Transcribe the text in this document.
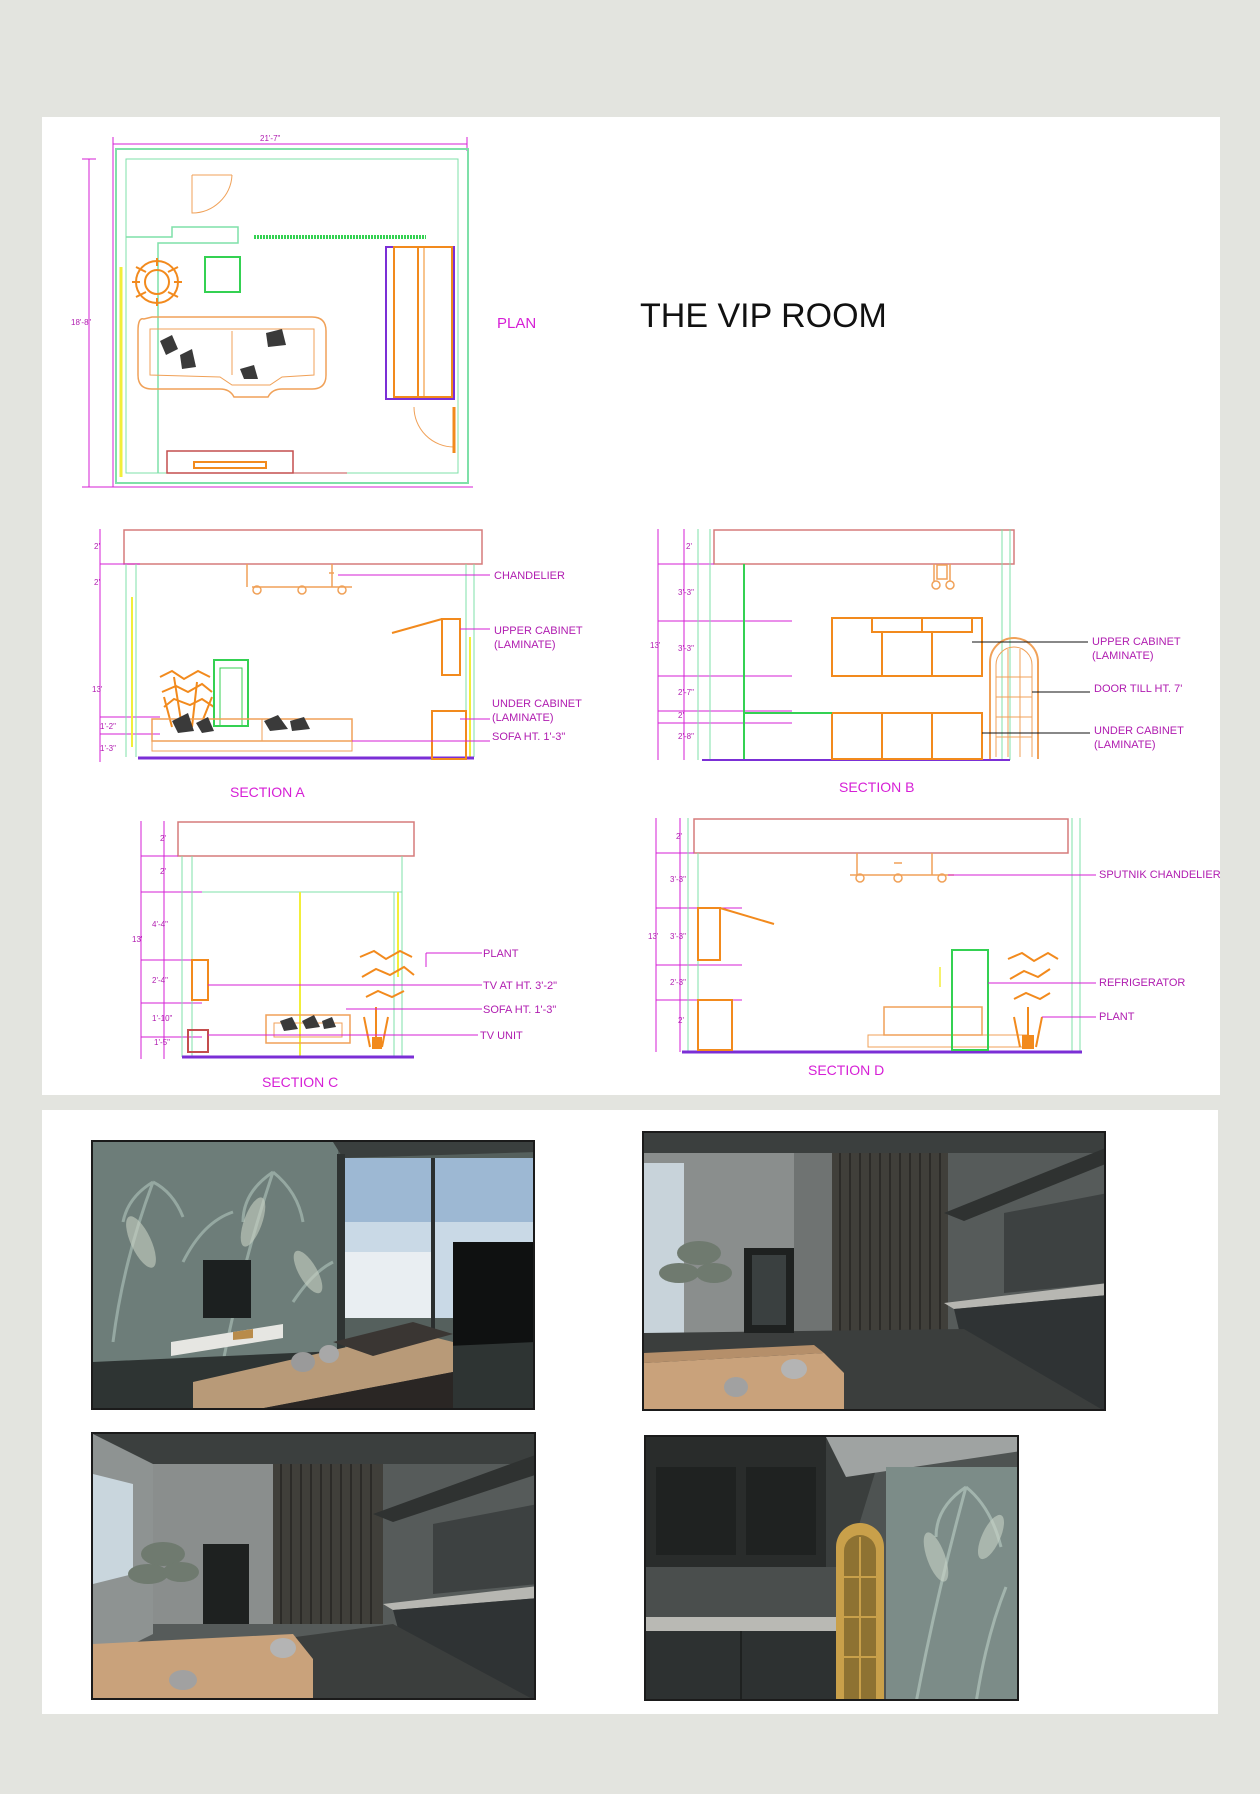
THE VIP ROOM
21'-7"
18'-8"	PLAN
2'
2'
13'
1'-2"
1'-3"
CHANDELIER
UPPER CABINET
(LAMINATE)
UNDER CABINET
(LAMINATE)
SOFA HT. 1'-3"
SECTION A
2'
3'-3"
13' 3'-3"
2'-7"
2'
2'-8"
UPPER CABINET
(LAMINATE)
DOOR TILL HT. 7'
UNDER CABINET
(LAMINATE)
SECTION B
2'
2'
4'-4"
13'
2'-4"
1'-10"
1'-5"
PLANT
TV AT HT. 3'-2"
SOFA HT. 1'-3"
TV UNIT
SECTION C
2'
3'-3"
13' 3'-3"
2'-3"
2'
SPUTNIK CHANDELIER
REFRIGERATOR
PLANT
SECTION D
